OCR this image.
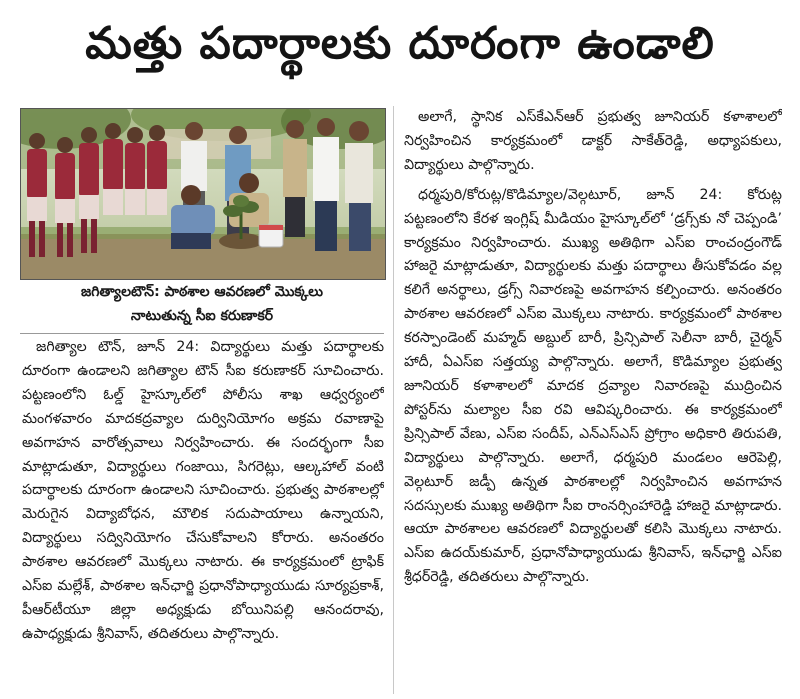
మత్తు పదార్థాలకు దూరంగా ఉండాలి
జగిత్యాలటౌన్: పాఠశాల ఆవరణలో మొక్కలు
నాటుతున్న సీఐ కరుణాకర్

జగిత్యాల టౌన్, జూన్ 24: విద్యార్థులు మత్తు పదార్థాలకు దూరంగా ఉండాలని జగిత్యాల టౌన్ సీఐ కరుణాకర్ సూచించారు. పట్టణంలోని ఓల్డ్ హైస్కూల్‌లో పోలీసు శాఖ ఆధ్వర్యంలో మంగళవారం మాదకద్రవ్యాల దుర్వినియోగం అక్రమ రవాణాపై అవగాహన వారోత్సవాలు నిర్వహించారు. ఈ సందర్భంగా సీఐ మాట్లాడుతూ, విద్యార్థులు గంజాయి, సిగరెట్లు, ఆల్కహాల్ వంటి పదార్థాలకు దూరంగా ఉండాలని సూచించారు. ప్రభుత్వ పాఠశాలల్లో మెరుగైన విద్యాబోధన, మౌలిక సదుపాయాలు ఉన్నాయని, విద్యార్థులు సద్వినియోగం చేసుకోవాలని కోరారు. అనంతరం పాఠశాల ఆవరణలో మొక్కలు నాటారు. ఈ కార్యక్రమంలో ట్రాఫిక్ ఎస్ఐ మల్లేశ్, పాఠశాల ఇన్‌ఛార్జి ప్రధానోపాధ్యాయుడు సూర్యప్రకాశ్, పీఆర్‌టీయూ జిల్లా అధ్యక్షుడు బోయినిపల్లి ఆనందరావు, ఉపాధ్యక్షుడు శ్రీనివాస్, తదితరులు పాల్గొన్నారు.

అలాగే, స్థానిక ఎస్‌కేఎన్‌ఆర్ ప్రభుత్వ జూనియర్ కళాశాలలో నిర్వహించిన కార్యక్రమంలో డాక్టర్ సాకేత్‌రెడ్డి, అధ్యాపకులు, విద్యార్థులు పాల్గొన్నారు.

ధర్మపురి/కోరుట్ల/కొడిమ్యాల/వెల్గటూర్, జూన్ 24: కోరుట్ల పట్టణంలోని కేరళ ఇంగ్లిష్ మీడియం హైస్కూల్‌లో ‘డ్రగ్స్‌కు నో చెప్పండి’ కార్యక్రమం నిర్వహించారు. ముఖ్య అతిథిగా ఎస్ఐ రాంచంద్రంగౌడ్ హాజరై మాట్లాడుతూ, విద్యార్థులకు మత్తు పదార్థాలు తీసుకోవడం వల్ల కలిగే అనర్థాలు, డ్రగ్స్ నివారణపై అవగాహన కల్పించారు. అనంతరం పాఠశాల ఆవరణలో ఎస్ఐ మొక్కలు నాటారు. కార్యక్రమంలో పాఠశాల కరస్పాండెంట్ మహ్మద్ అబ్దుల్ బారీ, ప్రిన్సిపాల్ సెలీనా బారీ, చైర్మన్ హాదీ, ఏఎస్ఐ సత్తయ్య పాల్గొన్నారు. అలాగే, కొడిమ్యాల ప్రభుత్వ జూనియర్ కళాశాలలో మాదక ద్రవ్యాల నివారణపై ముద్రించిన పోస్టర్‌ను మల్యాల సీఐ రవి ఆవిష్కరించారు. ఈ కార్యక్రమంలో ప్రిన్సిపాల్ వేణు, ఎస్ఐ సందీప్, ఎన్ఎస్ఎస్ ప్రోగ్రాం అధికారి తిరుపతి, విద్యార్థులు పాల్గొన్నారు. అలాగే, ధర్మపురి మండలం ఆరెపెల్లి, వెల్గటూర్ జడ్పీ ఉన్నత పాఠశాలల్లో నిర్వహించిన అవగాహన సదస్సులకు ముఖ్య అతిథిగా సీఐ రాంనర్సింహారెడ్డి హాజరై మాట్లాడారు. ఆయా పాఠశాలల ఆవరణలో విద్యార్థులతో కలిసి మొక్కలు నాటారు. ఎస్ఐ ఉదయ్‌కుమార్, ప్రధానోపాధ్యాయుడు శ్రీనివాస్, ఇన్‌ఛార్జి ఎస్ఐ శ్రీధర్‌రెడ్డి, తదితరులు పాల్గొన్నారు.
